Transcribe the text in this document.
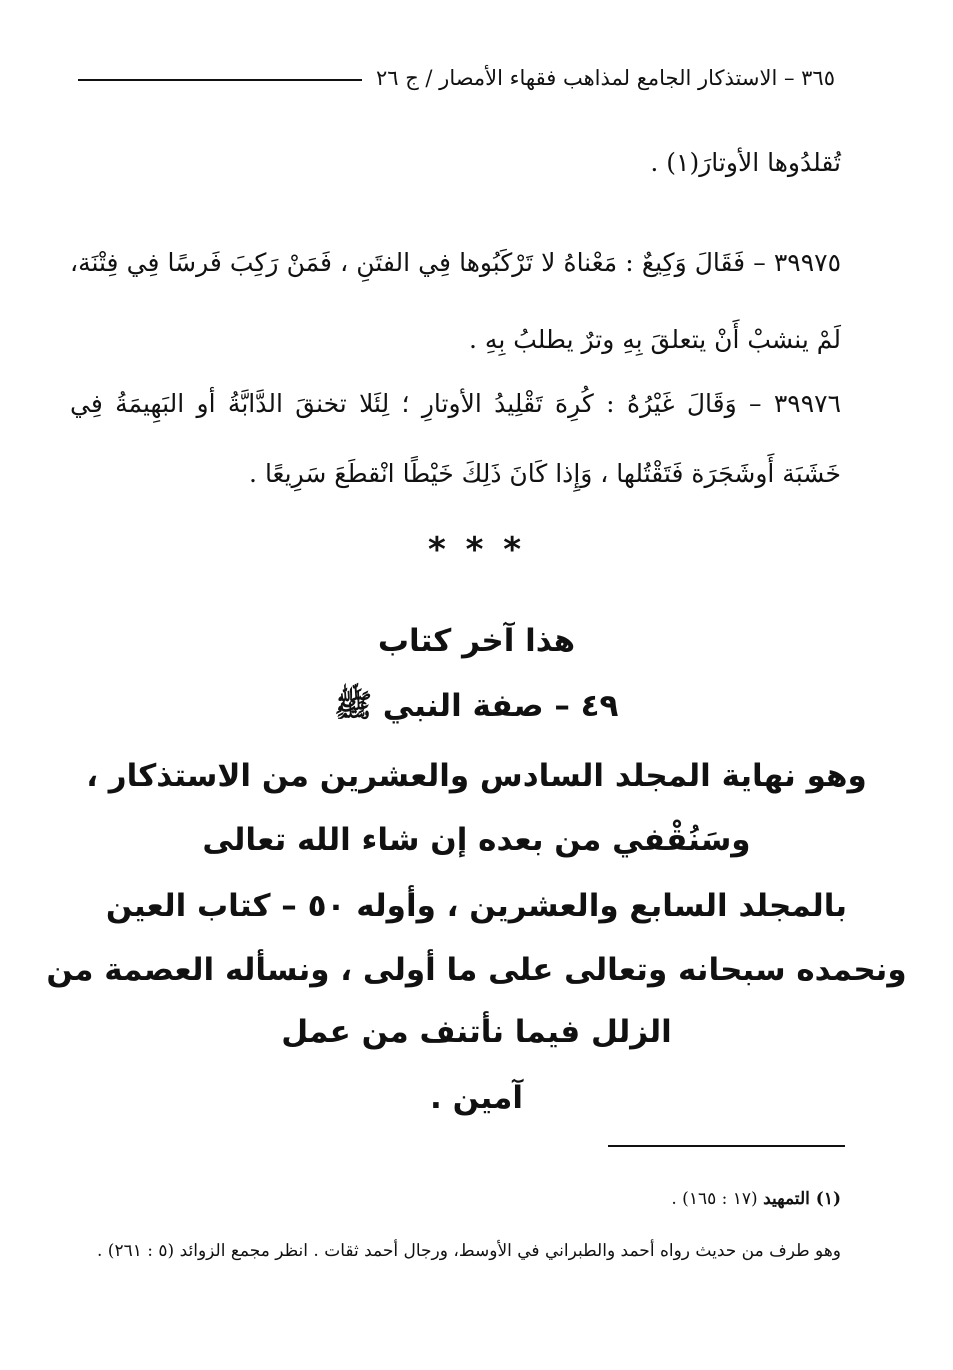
٣٦٥ – الاستذكار الجامع لمذاهب فقهاء الأمصار / ج ٢٦
تُقلدُوها الأوتارَ(١) .
٣٩٩٧٥ – فَقَالَ وَكِيعٌ : مَعْناهُ لا تَرْكَبُوها فِي الفتَنِ ، فَمَنْ رَكِبَ فَرسًا فِي فِتْنَة، لَمْ ينشبْ أَنْ يتعلقَ بِهِ وترٌ يطلبُ بِهِ .
٣٩٩٧٦ – وَقَالَ غَيْرُهُ : كُرِهَ تَقْلِيدُ الأوتارِ ؛ لِئَلا تخنقَ الدَّابَّةُ أو البَهِيمَةُ فِي خَشَبَة أَوشَجَرَة فَتَقْتُلها ، وَإِذا كَانَ ذَلِكَ خَيْطًا انْقطَعَ سَرِيعًا .
* * *
هذا آخر كتاب
٤٩ – صفة النبي ﷺ
وهو نهاية المجلد السادس والعشرين من الاستذكار ،
وسَنُقْفي من بعده إن شاء الله تعالى
بالمجلد السابع والعشرين ، وأوله ٥٠ – كتاب العين
ونحمده سبحانه وتعالى على ما أولى ، ونسأله العصمة من
الزلل فيما نأتنف من عمل
آمين .
(١) التمهيد (١٧ : ١٦٥) .
وهو طرف من حديث رواه أحمد والطبراني في الأوسط، ورجال أحمد ثقات . انظر مجمع الزوائد (٥ : ٢٦١) .
